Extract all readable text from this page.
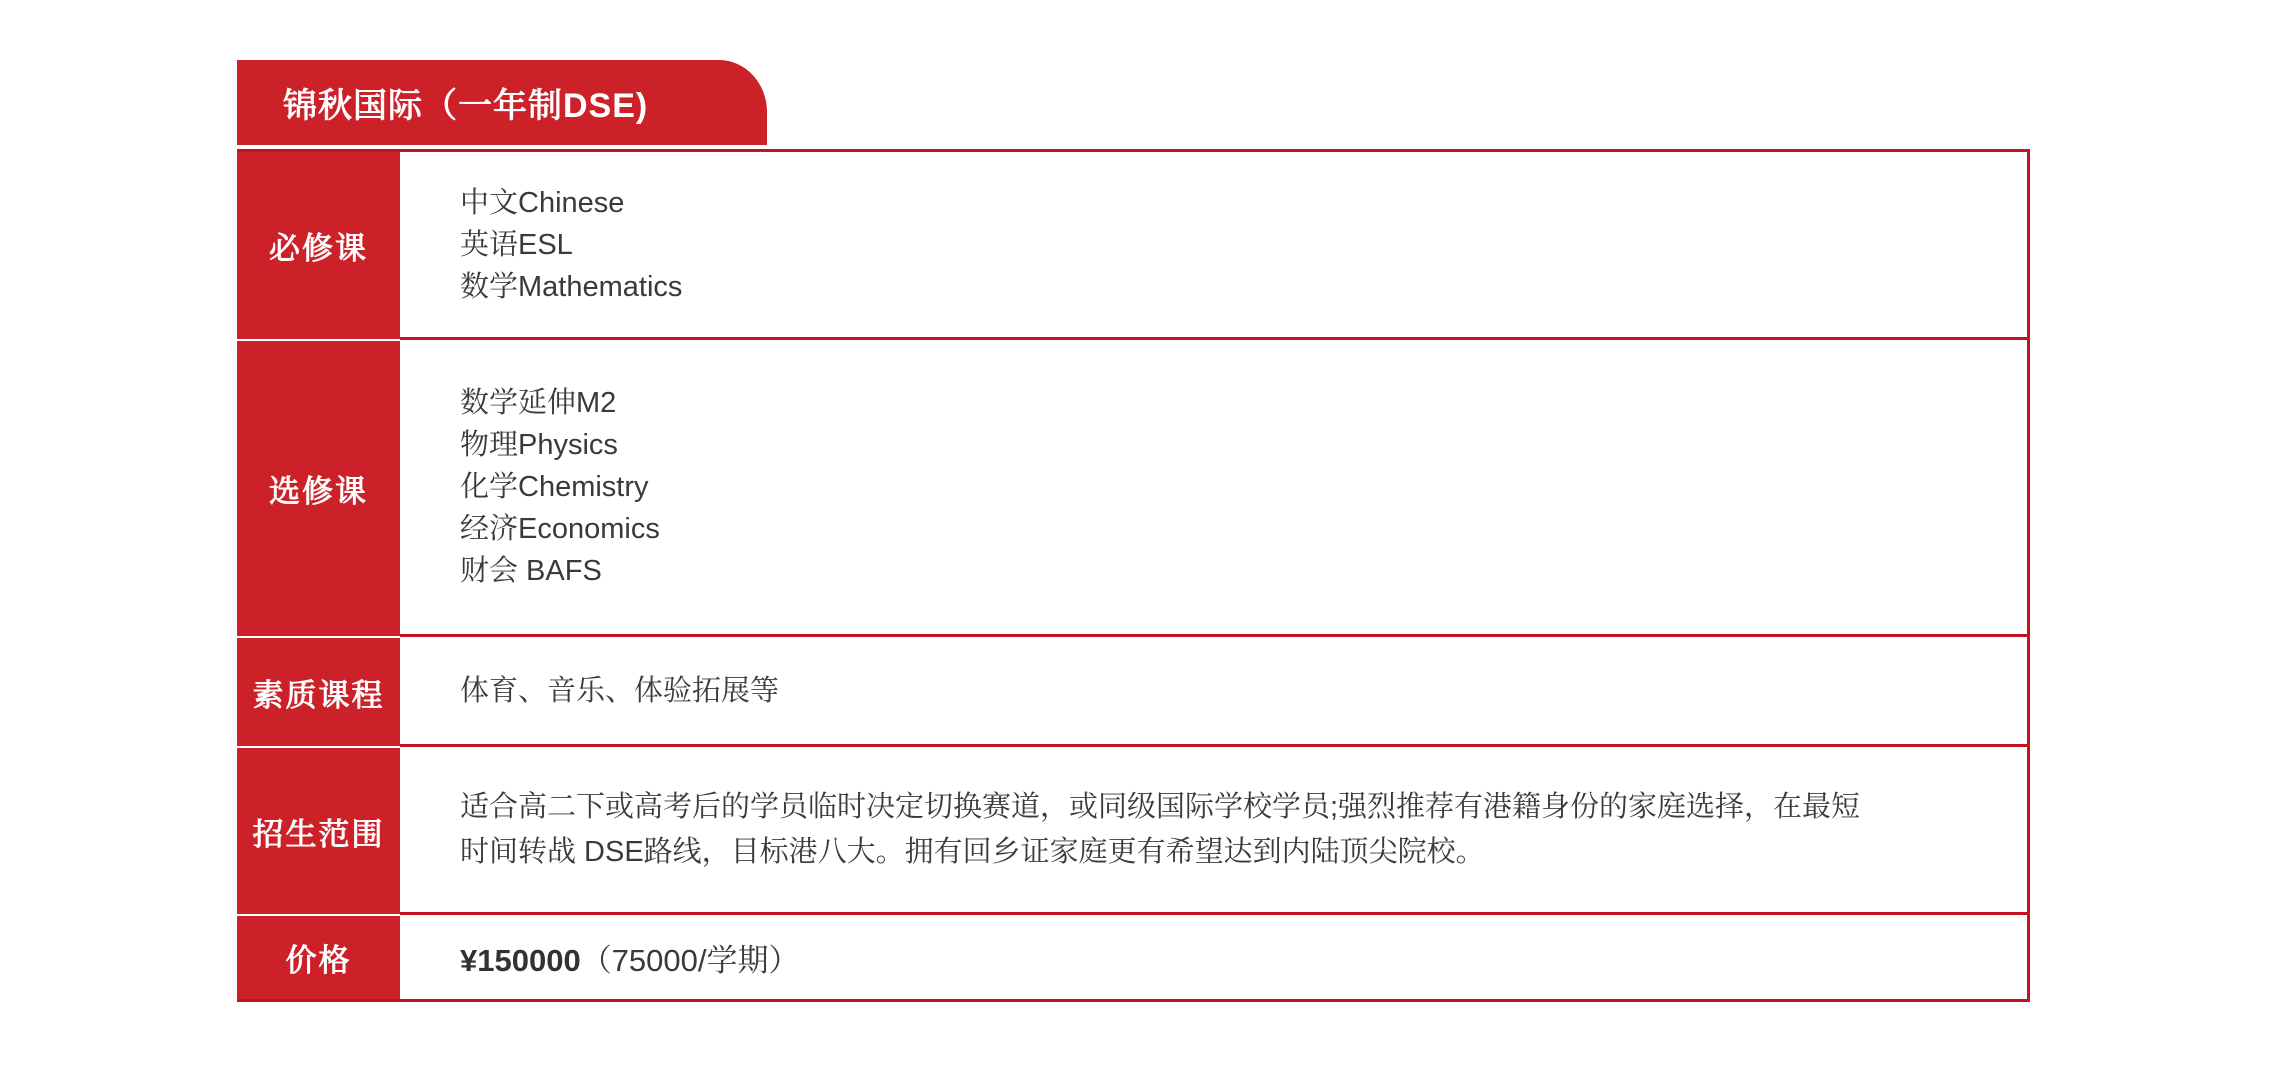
锦秋国际（一年制DSE)
必修课
中文Chinese
英语ESL
数学Mathematics
选修课
数学延伸M2
物理Physics
化学Chemistry
经济Economics
财会 BAFS
素质课程	体育、音乐、体验拓展等
招生范围
适合高二下或高考后的学员临时决定切换赛道，或同级国际学校学员;强烈推荐有港籍身份的家庭选择，在最短
时间转战 DSE路线，目标港八大。拥有回乡证家庭更有希望达到内陆顶尖院校。
价格	¥150000 （75000/学期）
